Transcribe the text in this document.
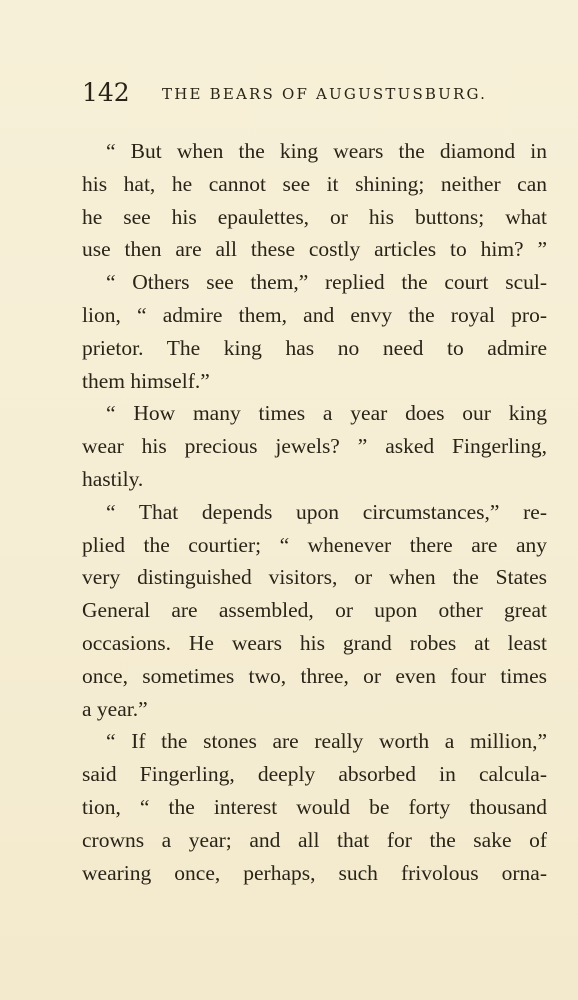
142 THE BEARS OF AUGUSTUSBURG.
“ But when the king wears the diamond in
his hat, he cannot see it shining; neither can
he see his epaulettes, or his buttons; what
use then are all these costly articles to him? ”
“ Others see them,” replied the court scul-
lion, “ admire them, and envy the royal pro-
prietor. The king has no need to admire
them himself.”
“ How many times a year does our king
wear his precious jewels? ” asked Fingerling,
hastily.
“ That depends upon circumstances,” re-
plied the courtier; “ whenever there are any
very distinguished visitors, or when the States
General are assembled, or upon other great
occasions. He wears his grand robes at least
once, sometimes two, three, or even four times
a year.”
“ If the stones are really worth a million,”
said Fingerling, deeply absorbed in calcula-
tion, “ the interest would be forty thousand
crowns a year; and all that for the sake of
wearing once, perhaps, such frivolous orna-
